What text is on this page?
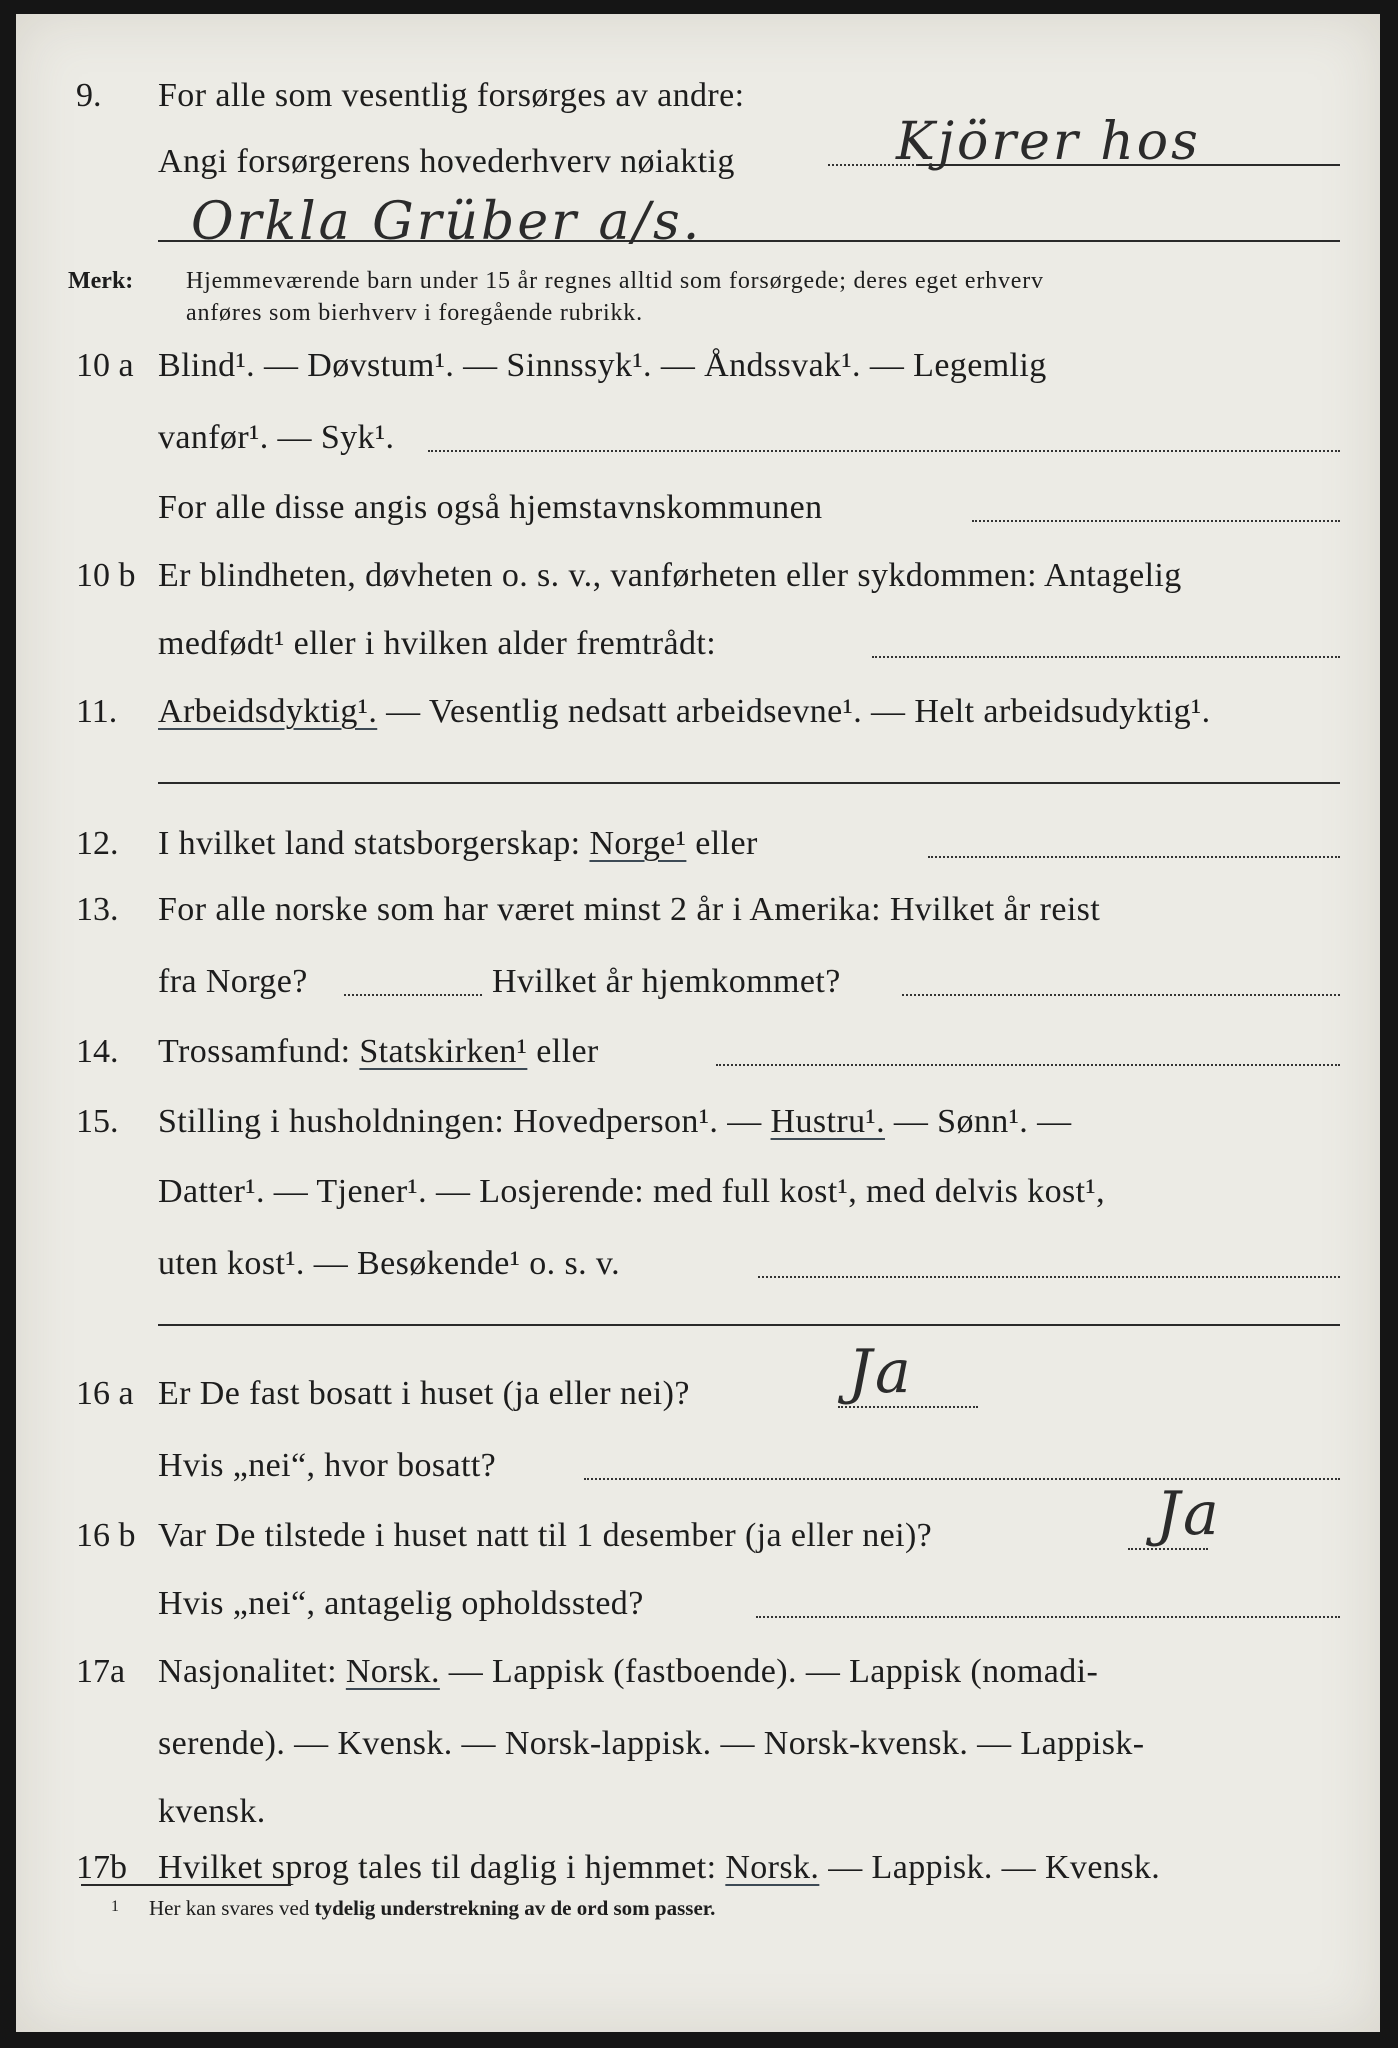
9. For alle som vesentlig forsørges av andre:
Angi forsørgerens hovederhverv nøiaktig	Kjörer hos
Orkla Grüber a/s.
Merk: Hjemmeværende barn under 15 år regnes alltid som forsørgede; deres eget erhverv
anføres som bierhverv i foregående rubrikk.
10 a Blind¹. — Døvstum¹. — Sinnssyk¹. — Åndssvak¹. — Legemlig
vanfør¹. — Syk¹.
For alle disse angis også hjemstavnskommunen
10 b Er blindheten, døvheten o. s. v., vanførheten eller sykdommen: Antagelig
medfødt¹ eller i hvilken alder fremtrådt:
11. Arbeidsdyktig¹. — Vesentlig nedsatt arbeidsevne¹. — Helt arbeidsudyktig¹.
12. I hvilket land statsborgerskap: Norge¹ eller
13. For alle norske som har været minst 2 år i Amerika: Hvilket år reist
fra Norge?	Hvilket år hjemkommet?
14. Trossamfund: Statskirken¹ eller
15. Stilling i husholdningen: Hovedperson¹. — Hustru¹. — Sønn¹. —
Datter¹. — Tjener¹. — Losjerende: med full kost¹, med delvis kost¹,
uten kost¹. — Besøkende¹ o. s. v.
16 a Er De fast bosatt i huset (ja eller nei)?	Ja
Hvis „nei“, hvor bosatt?
16 b Var De tilstede i huset natt til 1 desember (ja eller nei)?	Ja
Hvis „nei“, antagelig opholdssted?
17a Nasjonalitet: Norsk. — Lappisk (fastboende). — Lappisk (nomadi-
serende). — Kvensk. — Norsk-lappisk. — Norsk-kvensk. — Lappisk-
kvensk.
17b Hvilket sprog tales til daglig i hjemmet: Norsk. — Lappisk. — Kvensk.
1 Her kan svares ved tydelig understrekning av de ord som passer.
